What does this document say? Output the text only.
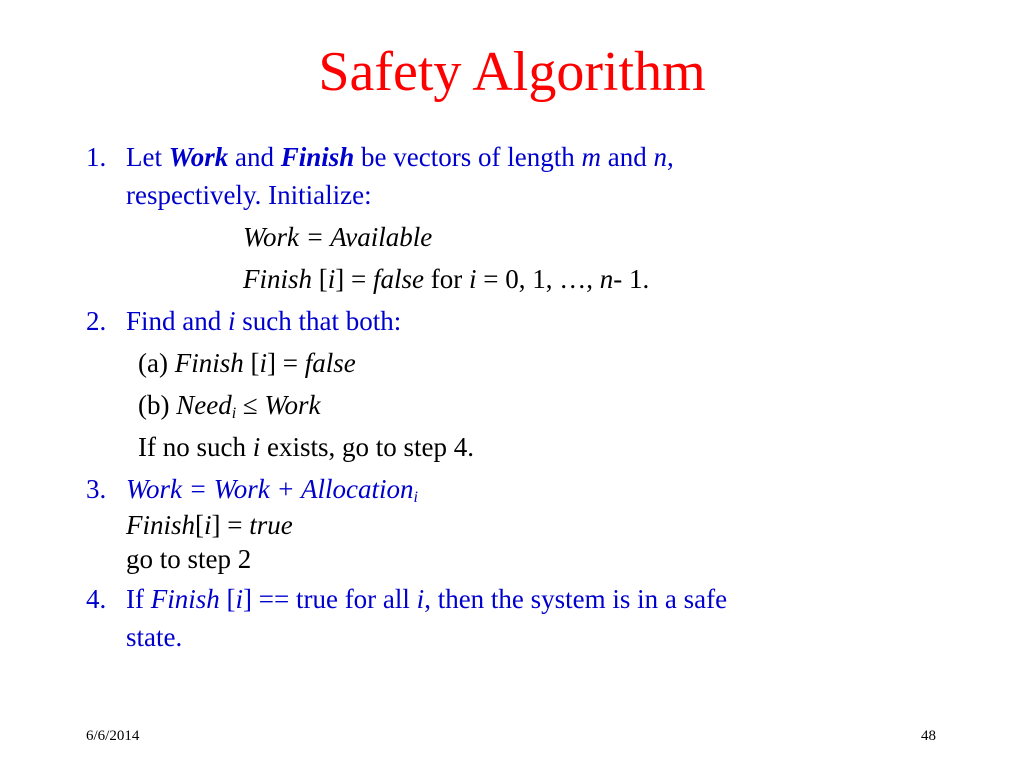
Safety Algorithm
1. Let Work and Finish be vectors of length m and n,
respectively. Initialize:
Work = Available
Finish [i] = false for i = 0, 1, …, n- 1.
2. Find and i such that both:
(a) Finish [i] = false
(b) Need$_i$ ≤ Work
If no such i exists, go to step 4.
3. Work = Work + Allocation$_i$
Finish[i] = true
go to step 2
4. If Finish [i] == true for all i, then the system is in a safe
state.
6/6/2014	48
